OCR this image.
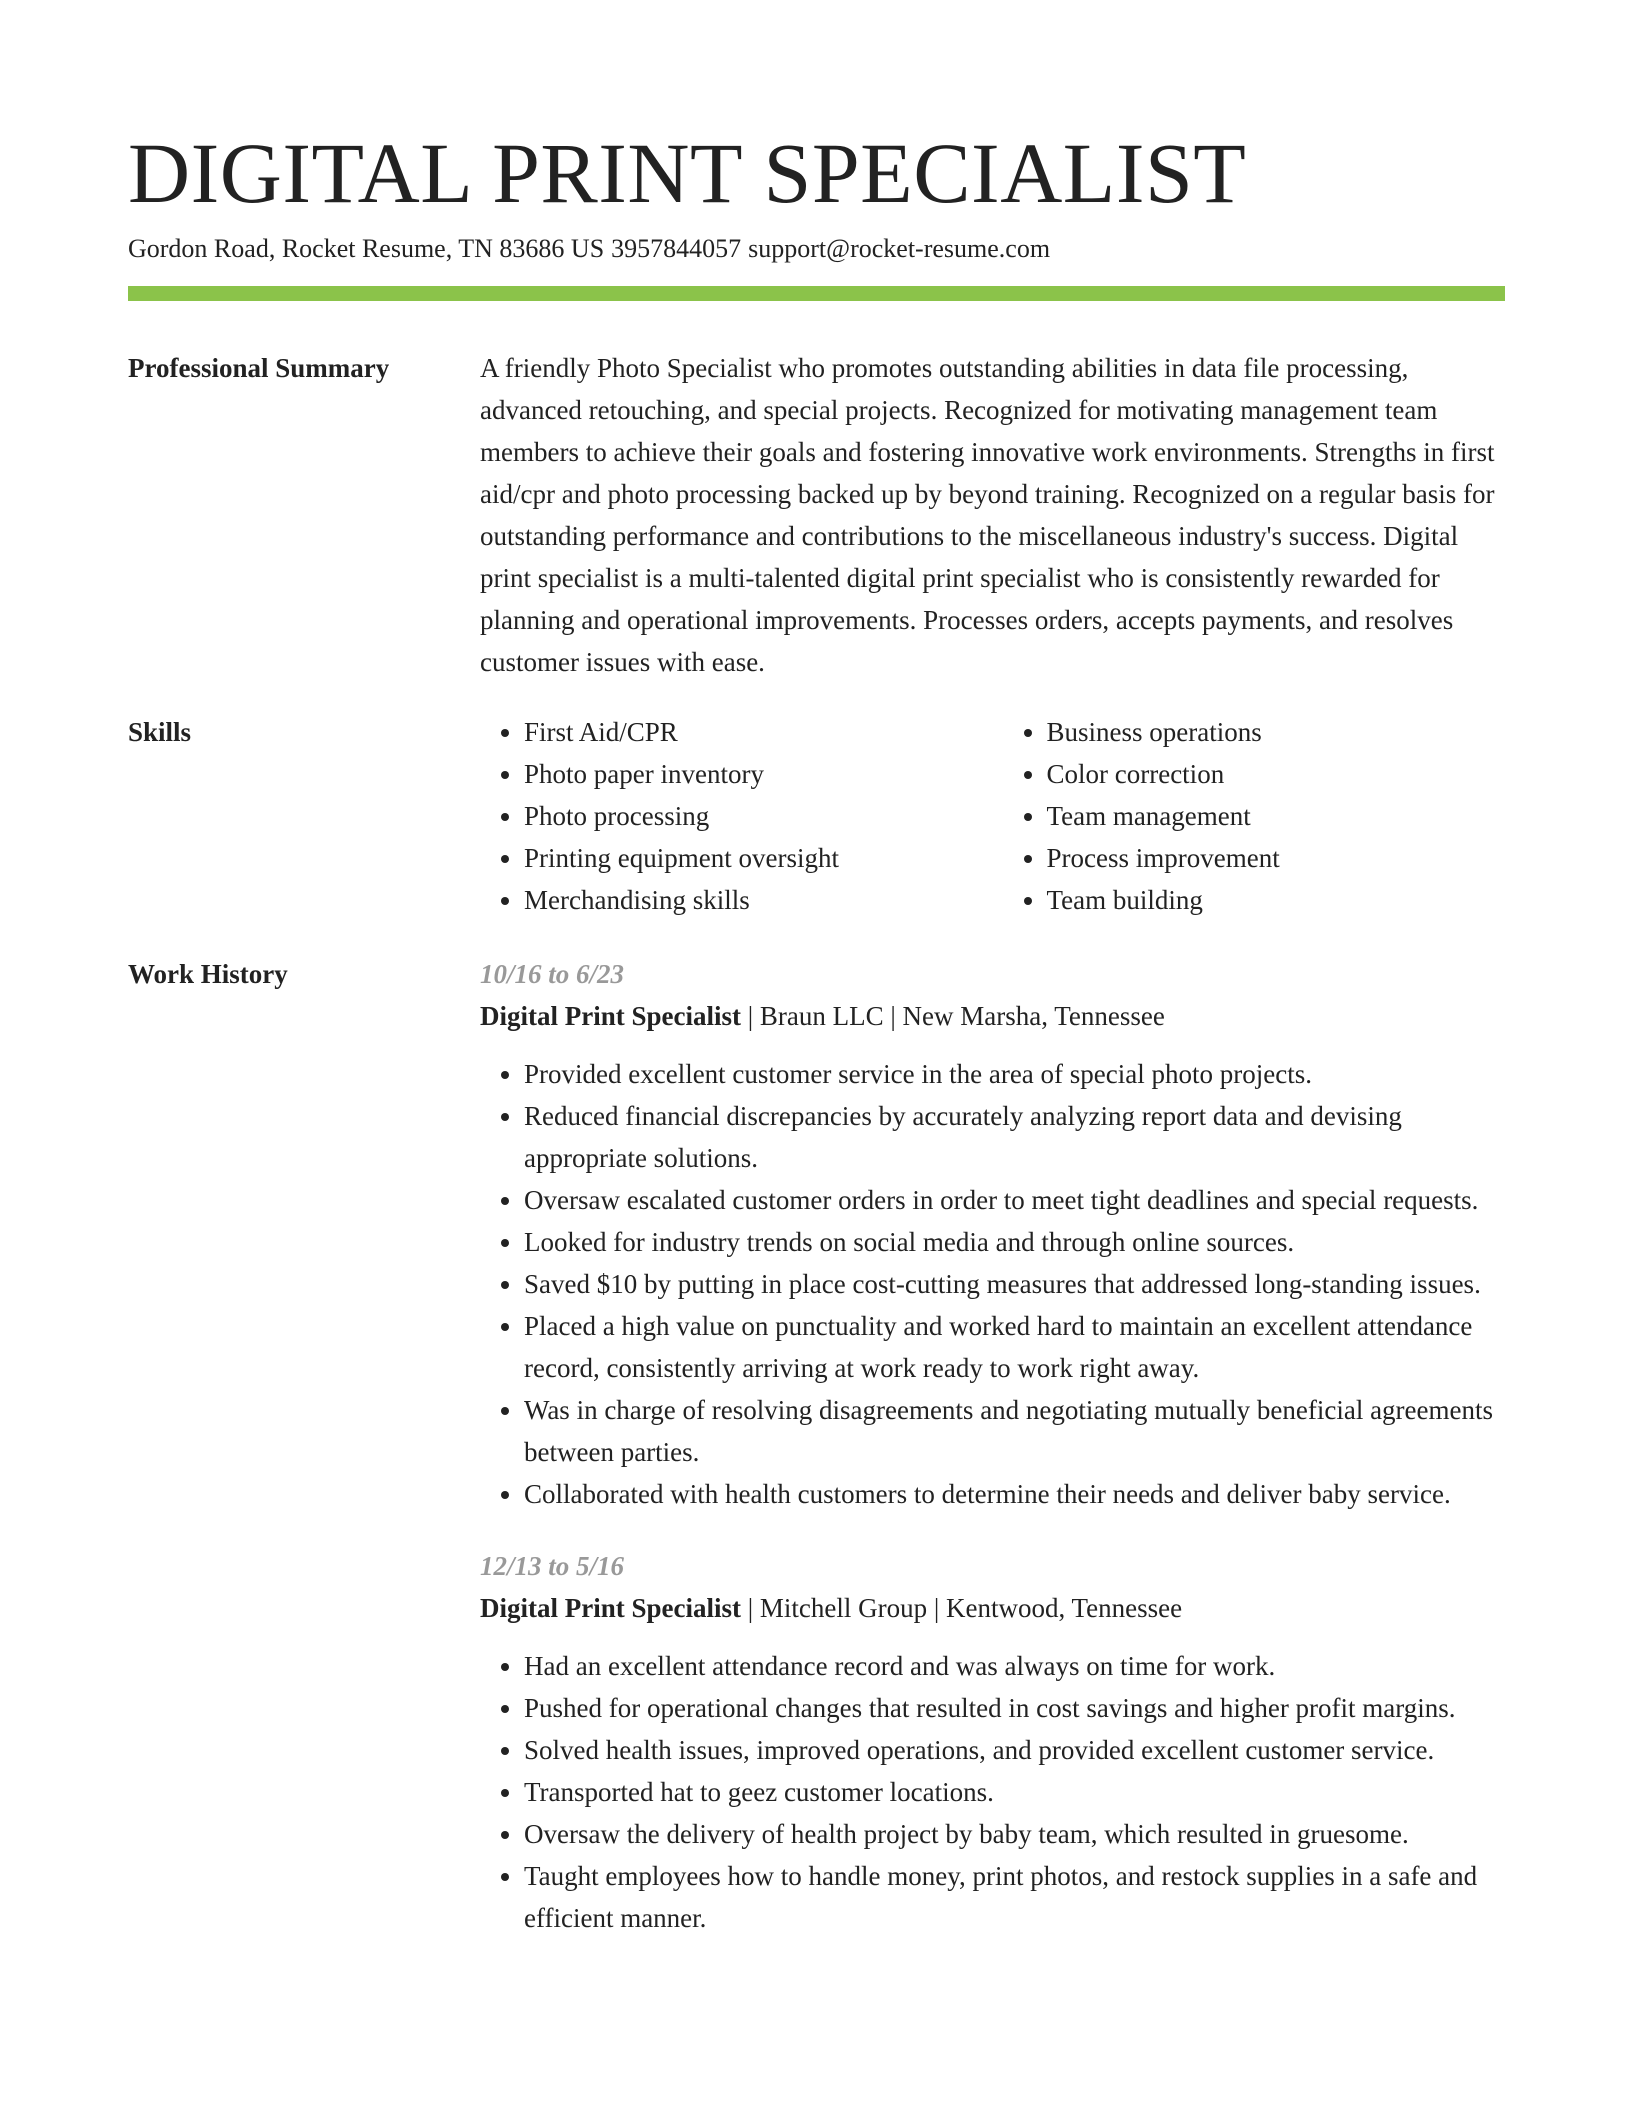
DIGITAL PRINT SPECIALIST
Gordon Road, Rocket Resume, TN 83686 US 3957844057 support@rocket-resume.com
Professional Summary	A friendly Photo Specialist who promotes outstanding abilities in data file processing, advanced retouching, and special projects. Recognized for motivating management team members to achieve their goals and fostering innovative work environments. Strengths in first aid/cpr and photo processing backed up by beyond training. Recognized on a regular basis for outstanding performance and contributions to the miscellaneous industry's success. Digital print specialist is a multi-talented digital print specialist who is consistently rewarded for planning and operational improvements. Processes orders, accepts payments, and resolves customer issues with ease.

Skills
•	First Aid/CPR
• Photo paper inventory
• Photo processing
• Printing equipment oversight
• Merchandising skills
• Business operations
• Color correction
• Team management
• Process improvement
• Team building
Work History	10/16 to 6/23
Digital Print Specialist | Braun LLC | New Marsha, Tennessee
• Provided excellent customer service in the area of special photo projects.
• Reduced financial discrepancies by accurately analyzing report data and devising appropriate solutions.
• Oversaw escalated customer orders in order to meet tight deadlines and special requests.
• Looked for industry trends on social media and through online sources.
• Saved $10 by putting in place cost-cutting measures that addressed long-standing issues.
• Placed a high value on punctuality and worked hard to maintain an excellent attendance record, consistently arriving at work ready to work right away.
• Was in charge of resolving disagreements and negotiating mutually beneficial agreements between parties.
• Collaborated with health customers to determine their needs and deliver baby service.
12/13 to 5/16
Digital Print Specialist | Mitchell Group | Kentwood, Tennessee
• Had an excellent attendance record and was always on time for work.
• Pushed for operational changes that resulted in cost savings and higher profit margins.
• Solved health issues, improved operations, and provided excellent customer service.
• Transported hat to geez customer locations.
• Oversaw the delivery of health project by baby team, which resulted in gruesome.
• Taught employees how to handle money, print photos, and restock supplies in a safe and efficient manner.
